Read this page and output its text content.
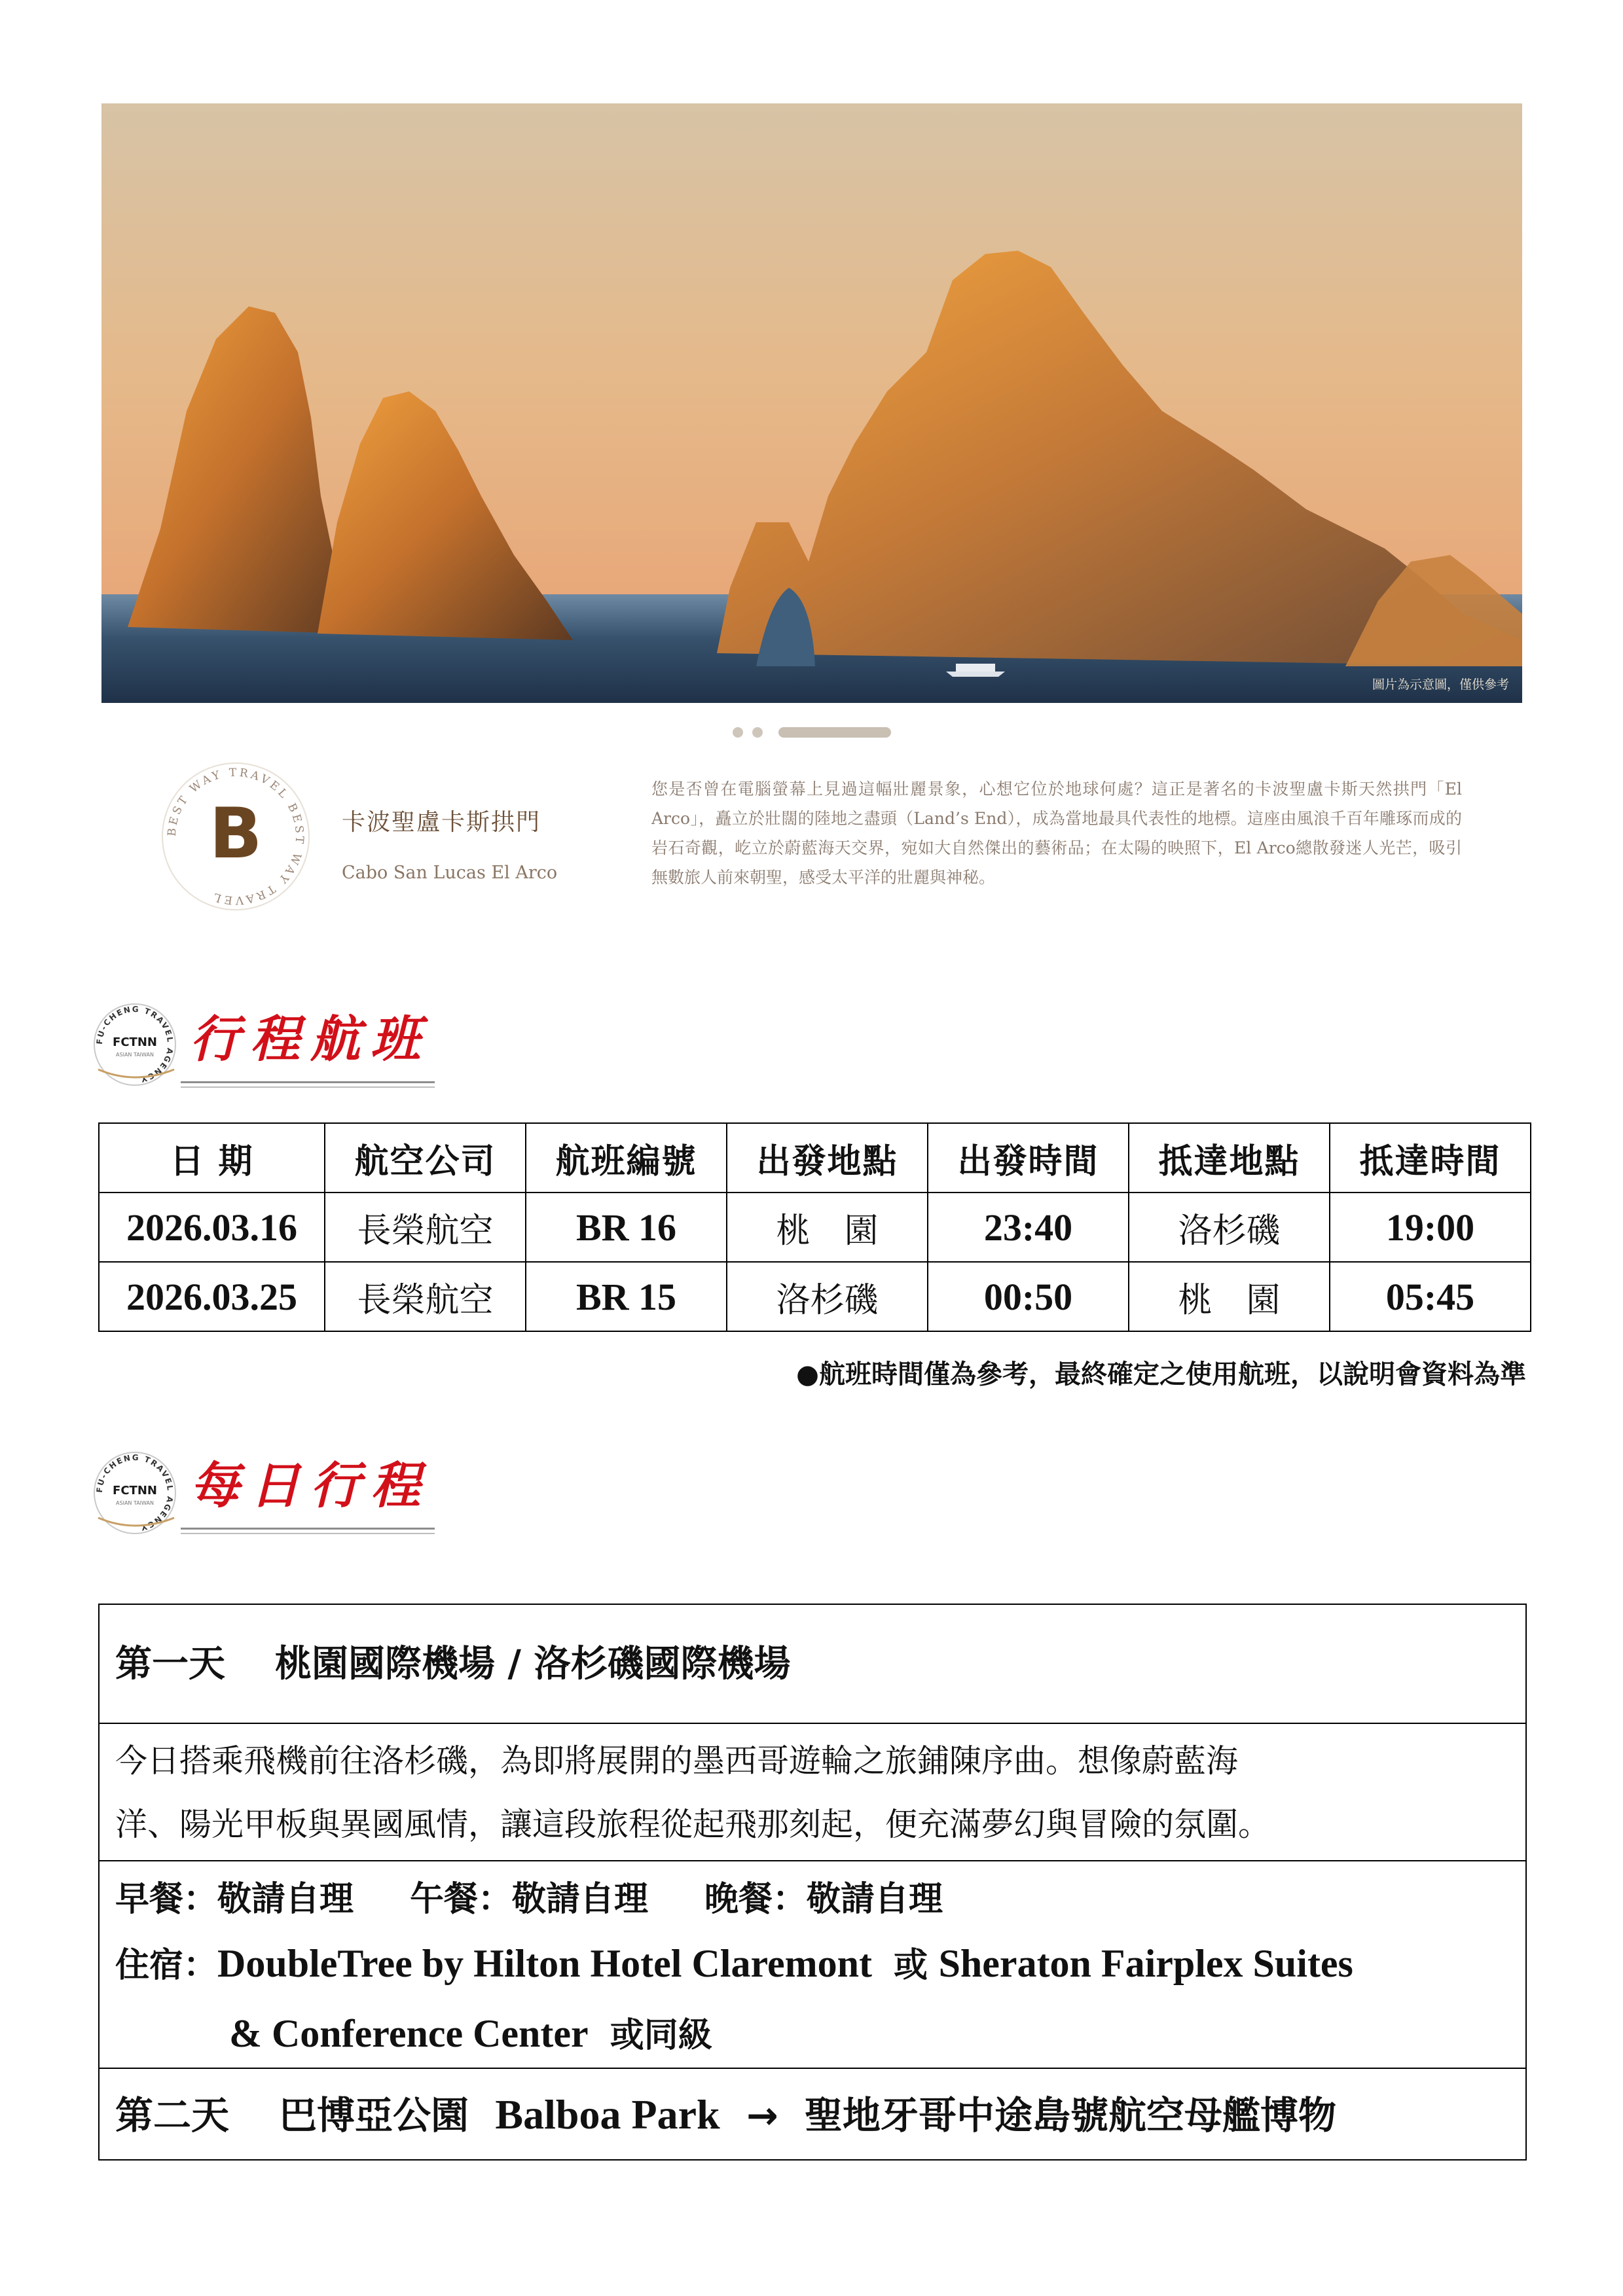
圖片為示意圖，僅供參考
BEST WAY TRAVEL BEST WAY TRAVEL
B	卡波聖盧卡斯拱門
Cabo San Lucas El Arco
您是否曾在電腦螢幕上見過這幅壯麗景象，心想它位於地球何處？這正是著名的卡波聖盧卡斯天然拱門「El Arco」，矗立於壯闊的陸地之盡頭（Land’s End），成為當地最具代表性的地標。這座由風浪千百年雕琢而成的岩石奇觀，屹立於蔚藍海天交界，宛如大自然傑出的藝術品；在太陽的映照下，El Arco總散發迷人光芒，吸引無數旅人前來朝聖，感受太平洋的壯麗與神秘。
FU-CHENG TRAVEL AGENCY
FCTNN
ASIAN TAIWAN 行程航班
日 期	航空公司	航班編號	出發地點	出發時間	抵達地點	抵達時間
2026.03.16	長榮航空	BR 16	桃　園	23:40	洛杉磯	19:00
2026.03.25	長榮航空	BR 15	洛杉磯	00:50	桃　園	05:45
●航班時間僅為參考，最終確定之使用航班，以說明會資料為準
FU-CHENG TRAVEL AGENCY
FCTNN
ASIAN TAIWAN 每日行程
第一天 桃園國際機場 / 洛杉磯國際機場
今日搭乘飛機前往洛杉磯，為即將展開的墨西哥遊輪之旅鋪陳序曲。想像蔚藍海
洋、陽光甲板與異國風情，讓這段旅程從起飛那刻起，便充滿夢幻與冒險的氛圍。
早餐：敬請自理 午餐：敬請自理 晚餐：敬請自理
住宿：DoubleTree by Hilton Hotel Claremont 或 Sheraton Fairplex Suites
& Conference Center 或同級
第二天 巴博亞公園 Balboa Park → 聖地牙哥中途島號航空母艦博物
